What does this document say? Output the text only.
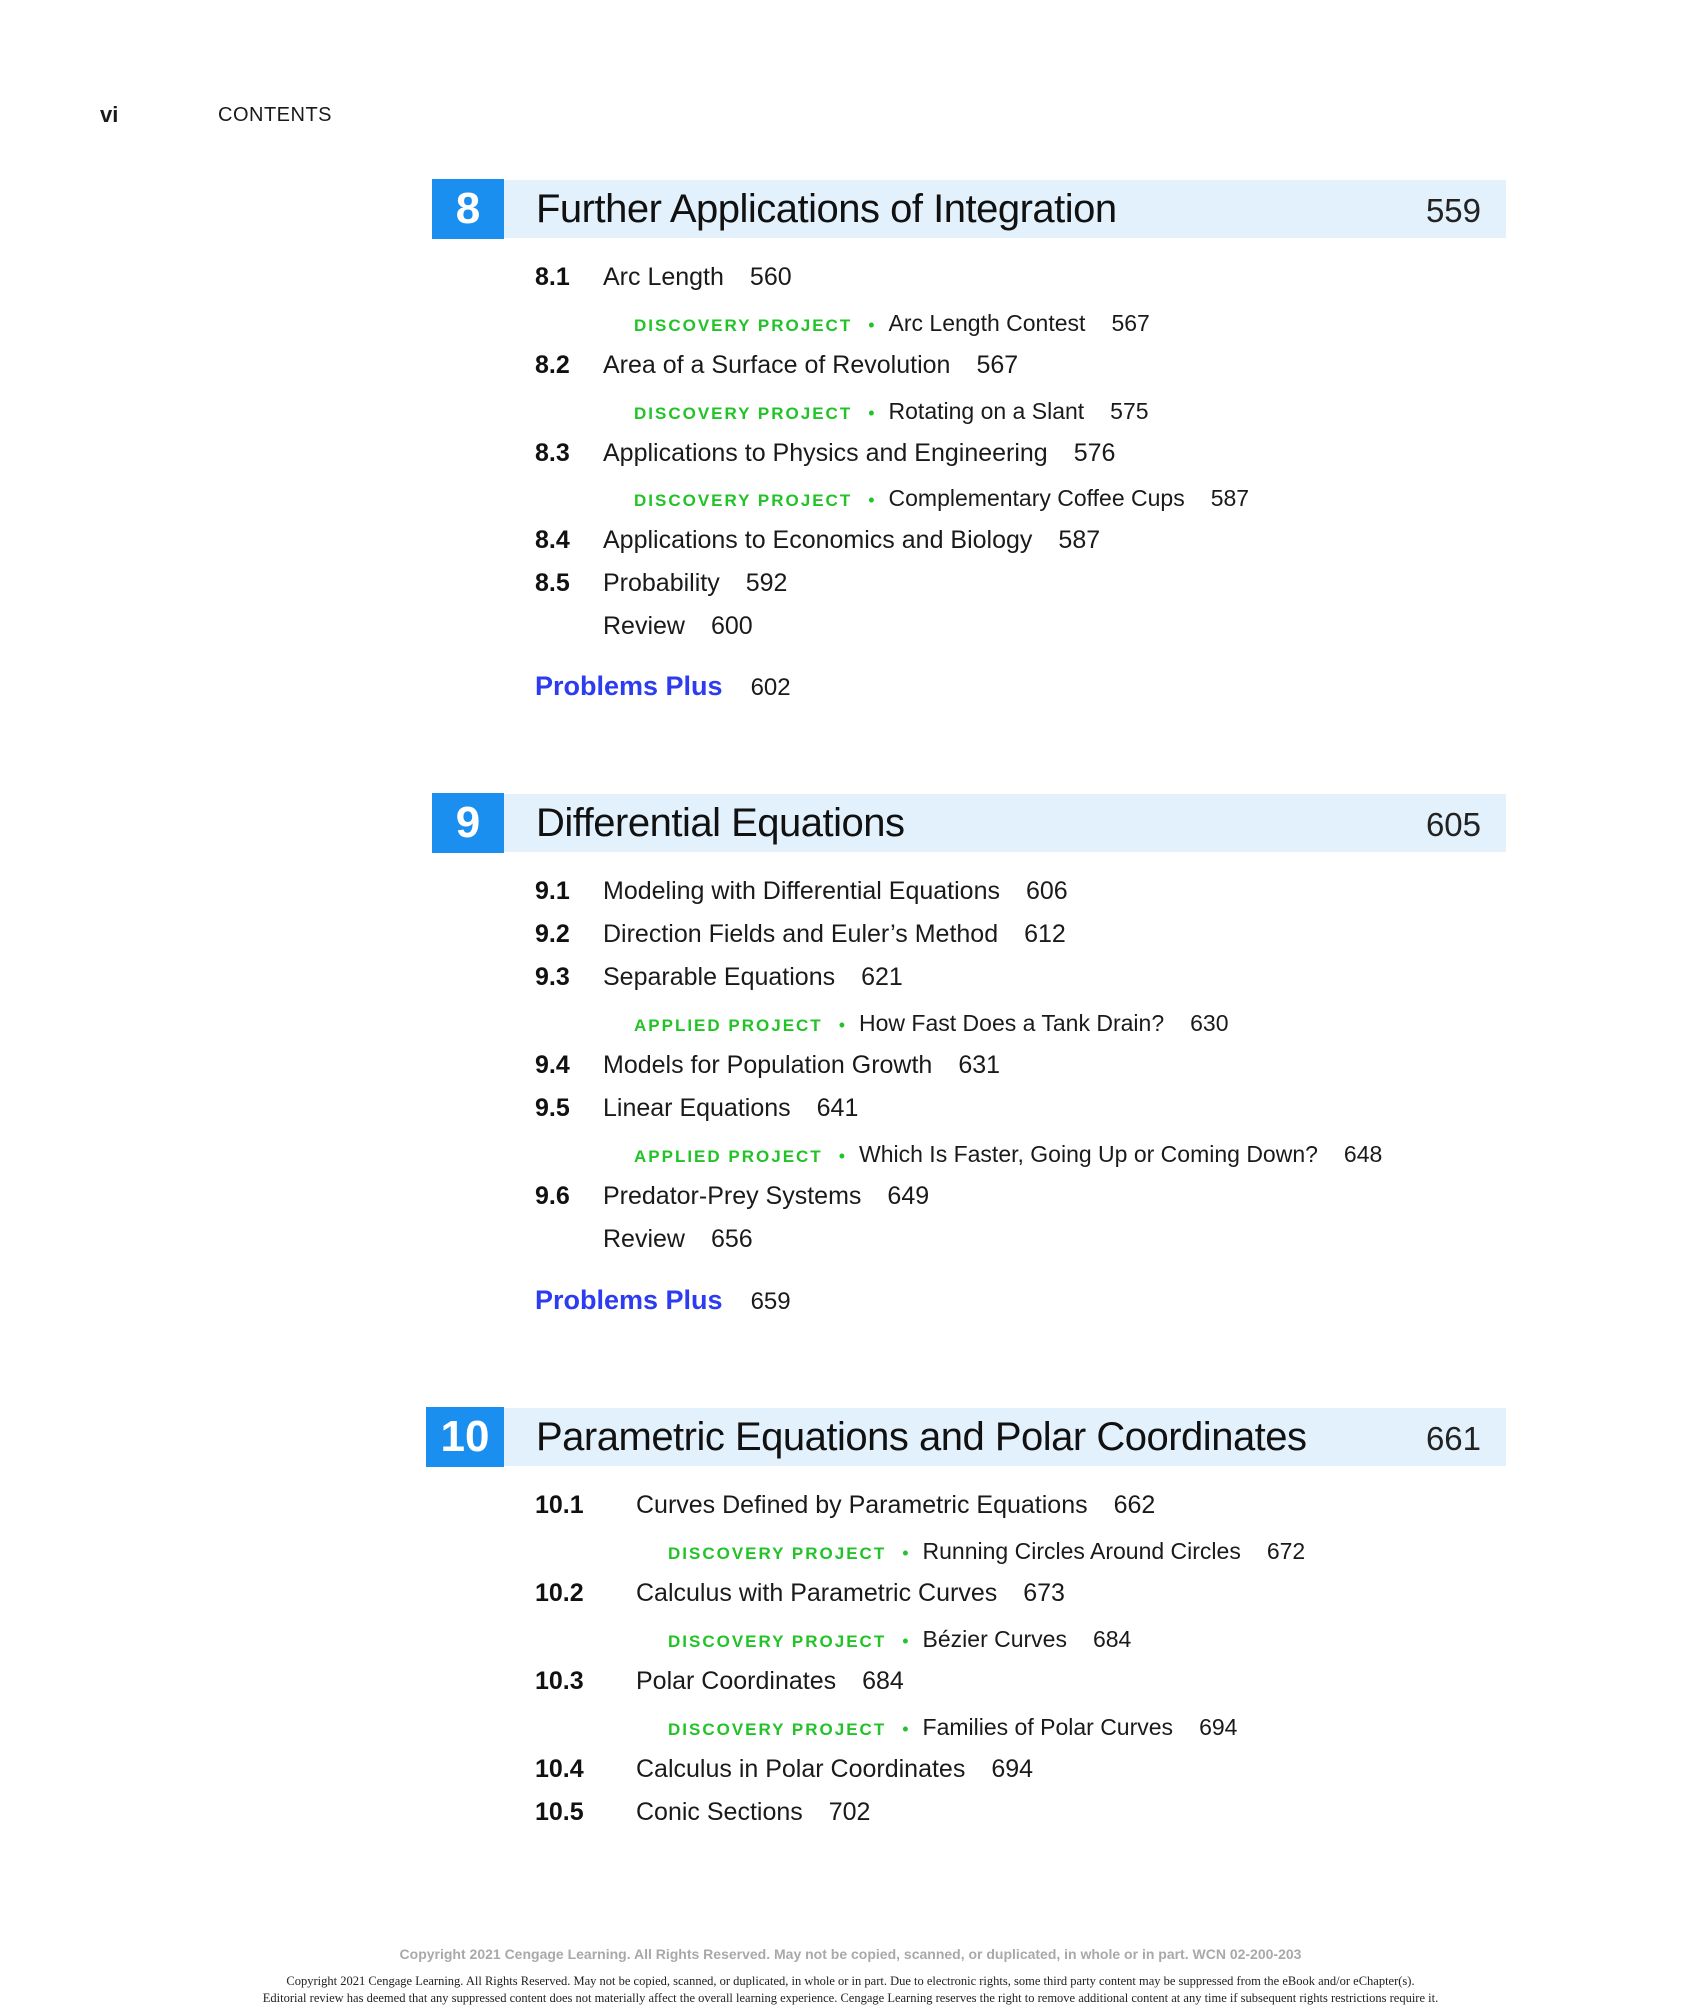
vi	CONTENTS
8	Further Applications of Integration	559
8.1 Arc Length 560
DISCOVERY PROJECT • Arc Length Contest 567
8.2 Area of a Surface of Revolution 567
DISCOVERY PROJECT • Rotating on a Slant 575
8.3 Applications to Physics and Engineering 576
DISCOVERY PROJECT • Complementary Coffee Cups 587
8.4 Applications to Economics and Biology 587
8.5 Probability 592
Review 600
Problems Plus 602
9	Differential Equations	605
9.1 Modeling with Differential Equations 606
9.2 Direction Fields and Euler’s Method 612
9.3 Separable Equations 621
APPLIED PROJECT • How Fast Does a Tank Drain? 630
9.4 Models for Population Growth 631
9.5 Linear Equations 641
APPLIED PROJECT • Which Is Faster, Going Up or Coming Down? 648
9.6 Predator-Prey Systems 649
Review 656
Problems Plus 659
10	Parametric Equations and Polar Coordinates	661
10.1 Curves Defined by Parametric Equations 662
DISCOVERY PROJECT • Running Circles Around Circles 672
10.2 Calculus with Parametric Curves 673
DISCOVERY PROJECT • Bézier Curves 684
10.3 Polar Coordinates 684
DISCOVERY PROJECT • Families of Polar Curves 694
10.4 Calculus in Polar Coordinates 694
10.5 Conic Sections 702
Copyright 2021 Cengage Learning. All Rights Reserved. May not be copied, scanned, or duplicated, in whole or in part. WCN 02-200-203
Copyright 2021 Cengage Learning. All Rights Reserved. May not be copied, scanned, or duplicated, in whole or in part. Due to electronic rights, some third party content may be suppressed from the eBook and/or eChapter(s).
Editorial review has deemed that any suppressed content does not materially affect the overall learning experience. Cengage Learning reserves the right to remove additional content at any time if subsequent rights restrictions require it.
